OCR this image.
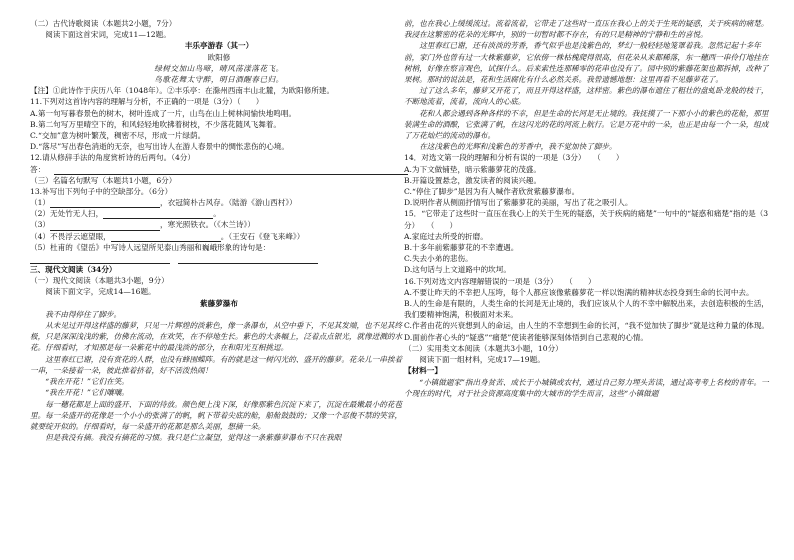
（二）古代诗歌阅读（本题共2小题，7分）

阅读下面这首宋词，完成11—12题。

丰乐亭游春（其一）

欧阳修

绿树交加山鸟啼，晴风荡漾落花飞。

鸟歌花舞太守醉，明日酒醒春已归。

【注】①此诗作于庆历八年（1048年）。②丰乐亭：在滁州西南丰山北麓，为欧阳修所建。

11.下列对这首诗内容的理解与分析，不正确的一项是（3分）（　　）

A.第一句写暮春景色的树木，树叶连成了一片，山鸟在山上树林间愉快地鸣唱。

B.第二句写万里晴空下的，和风轻轻地吹拂着树枝，不少落花随风飞舞着。

C.“交加”意为树叶繁茂，稠密不尽，形成一片绿荫。

D.“落尽”写出春色消逝的无奈，也写出诗人在游人春景中的惆怅悲伤的心境。

12.请从修辞手法的角度赏析诗的后两句。（4分）

答：

（三）名篇名句默写（本题共1小题，6分）

13.补写出下列句子中的空缺部分。（6分）

（1）	，衣冠简朴古风存。（陆游《游山西村》）

（2）无处竹无人扫，	。

（3）	，寒光照铁衣。（《木兰诗》）

（4）不畏浮云遮望眼，	。（王安石《登飞来峰》）

（5）杜甫的《望岳》中写诗人远望所见泰山秀丽和巍峨形象的诗句是：

三、现代文阅读（34分）

（一）现代文阅读（本题共3小题，9分）

阅读下面文字，完成14—16题。

紫藤萝瀑布

我不由得停住了脚步。

从未见过开得这样盛的藤萝，只见一片辉煌的淡紫色，像一条瀑布，从空中垂下，不见其发端，也不见其终极，只是深深浅浅的紫，仿佛在流动，在欢笑，在不停地生长。紫色的大条幅上，泛着点点银光，就像迸溅的水花。仔细看时，才知那是每一朵紫花中的最浅淡的部分，在和阳光互相挑逗。

这里春红已谢，没有赏花的人群，也没有蜂围蝶阵。有的就是这一树闪光的、盛开的藤萝。花朵儿一串挨着一串，一朵接着一朵，彼此推着挤着，好不活泼热闹！

“我在开花！”它们在笑。

“我在开花！”它们嚷嚷。

每一穗花都是上面的盛开、下面的待放。颜色便上浅下深，好像那紫色沉淀下来了，沉淀在最嫩最小的花苞里。每一朵盛开的花像是一个小小的张满了的帆，帆下带着尖底的舱，船舱鼓鼓的；又像一个忍俊不禁的笑容，就要绽开似的。仔细看时，每一朵盛开的花都是那么美丽，想摘一朵。

但是我没有摘。我没有摘花的习惯。我只是伫立凝望，觉得这一条紫藤萝瀑布不只在我眼

前，也在我心上缓缓流过。流着流着，它带走了这些时一直压在我心上的关于生死的疑惑，关于疾病的痛楚。我浸在这繁密的花朵的光辉中，别的一切暂时都不存在，有的只是精神的宁静和生的喜悦。

这里春红已谢，还有淡淡的芳香，香气似乎也是浅紫色的，梦幻一般轻轻地笼罩着我。忽然记起十多年前，家门外也曾有过一大株紫藤萝，它依傍一株枯槐爬得很高，但花朵从来都稀落，东一穗西一串伶仃地挂在树梢，好像在察言观色，试探什么。后来索性连那稀零的花串也没有了。园中别的紫藤花架也都拆掉，改种了果树。那时的说法是，花和生活腐化有什么必然关系。我曾遗憾地想：这里再看不见藤萝花了。

过了这么多年，藤萝又开花了，而且开得这样盛，这样密。紫色的瀑布遮住了粗壮的盘虬卧龙般的枝干，不断地流着，流着，流向人的心底。

花和人都会遇到各种各样的不幸，但是生命的长河是无止境的。我抚摸了一下那小小的紫色的花舱，那里装满生命的酒酿，它张满了帆，在这闪光的花的河流上航行。它是万花中的一朵，也正是由每一个一朵，组成了万花灿烂的流动的瀑布。

在这浅紫色的光辉和浅紫色的芳香中，我不觉加快了脚步。

14．对选文第一段的理解和分析有误的一项是（3分）　　（　　）

A.为下文做铺垫，暗示紫藤萝花的茂盛。

B.开篇设置悬念，激发读者的阅读兴趣。

C.“停住了脚步”是因为有人喊作者欣赏紫藤萝瀑布。

D.说明作者从侧面抒情写出了紫藤萝花的美丽，写出了花之吸引人。

15．“它带走了这些时一直压在我心上的关于生死的疑惑，关于疾病的痛楚”一句中的“疑惑和痛楚”指的是（3分）　　（　　）

A.家庭过去所受的折磨。

B.十多年前紫藤萝花的不幸遭遇。

C.失去小弟的悲伤。

D.这句话与上文道路中的坎坷。

16.下列对选文内容理解错误的一项是（3分）　　（　　）

A.不要让昨天的不幸把人压垮，每个人都应该像紫藤萝花一样以饱满的精神状态投身到生命的长河中去。

B.人的生命是有限的，人类生命的长河是无止境的，我们应该从个人的不幸中解脱出来，去创造积极的生活，我们要精神饱满，积极面对未来。

C.作者由花的兴衰想到人的命运，由人生的不幸想到生命的长河，“我不觉加快了脚步”就是这种力量的体现。

D.面前作者心头的“疑惑”“痛楚”使读者能够深刻体悟到自己悲观的心情。

（二）实用类文本阅读（本题共3小题，10分）

阅读下面一组材料，完成17—19题。

【材料一】

“小镇做题家”指出身贫苦、成长于小城镇或农村，通过自己努力埋头苦读，通过高考考上名校的青年。一个现在的时代，对于社会资源高度集中的大城市的学生而言，这些“小镇做题
